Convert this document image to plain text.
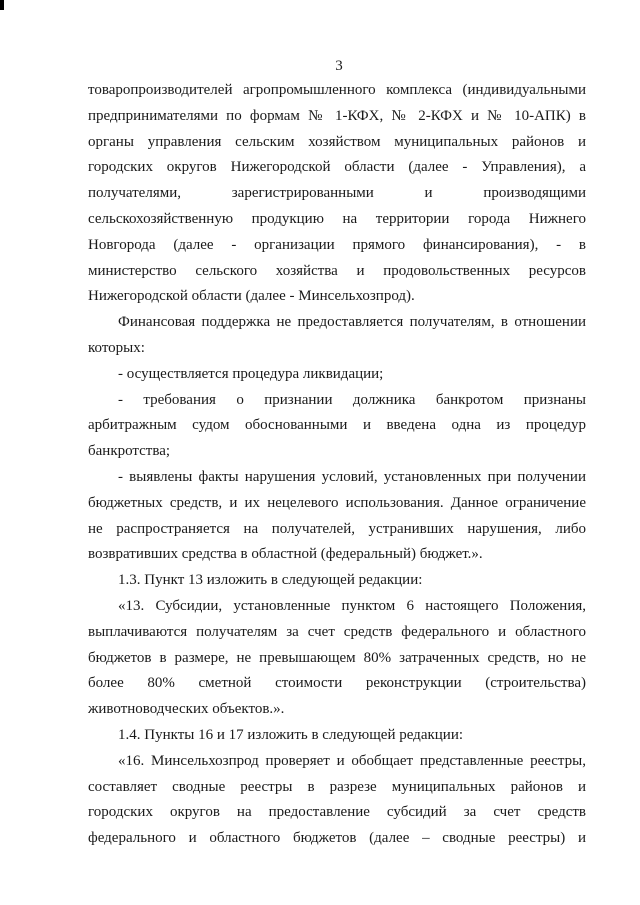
3
товаропроизводителей агропромышленного комплекса (индивидуальными
предпринимателями по формам № 1-КФХ, № 2-КФХ и № 10-АПК) в
органы управления сельским хозяйством муниципальных районов и
городских округов Нижегородской области (далее - Управления), а
получателями, зарегистрированными и производящими
сельскохозяйственную продукцию на территории города Нижнего
Новгорода (далее - организации прямого финансирования), - в
министерство сельского хозяйства и продовольственных ресурсов
Нижегородской области (далее - Минсельхозпрод).
Финансовая поддержка не предоставляется получателям, в отношении
которых:
- осуществляется процедура ликвидации;
- требования о признании должника банкротом признаны
арбитражным судом обоснованными и введена одна из процедур
банкротства;
- выявлены факты нарушения условий, установленных при получении
бюджетных средств, и их нецелевого использования. Данное ограничение
не распространяется на получателей, устранивших нарушения, либо
возвративших средства в областной (федеральный) бюджет.».
1.3. Пункт 13 изложить в следующей редакции:
«13. Субсидии, установленные пунктом 6 настоящего Положения,
выплачиваются получателям за счет средств федерального и областного
бюджетов в размере, не превышающем 80% затраченных средств, но не
более 80% сметной стоимости реконструкции (строительства)
животноводческих объектов.».
1.4. Пункты 16 и 17 изложить в следующей редакции:
«16. Минсельхозпрод проверяет и обобщает представленные реестры,
составляет сводные реестры в разрезе муниципальных районов и
городских округов на предоставление субсидий за счет средств
федерального и областного бюджетов (далее – сводные реестры) и
